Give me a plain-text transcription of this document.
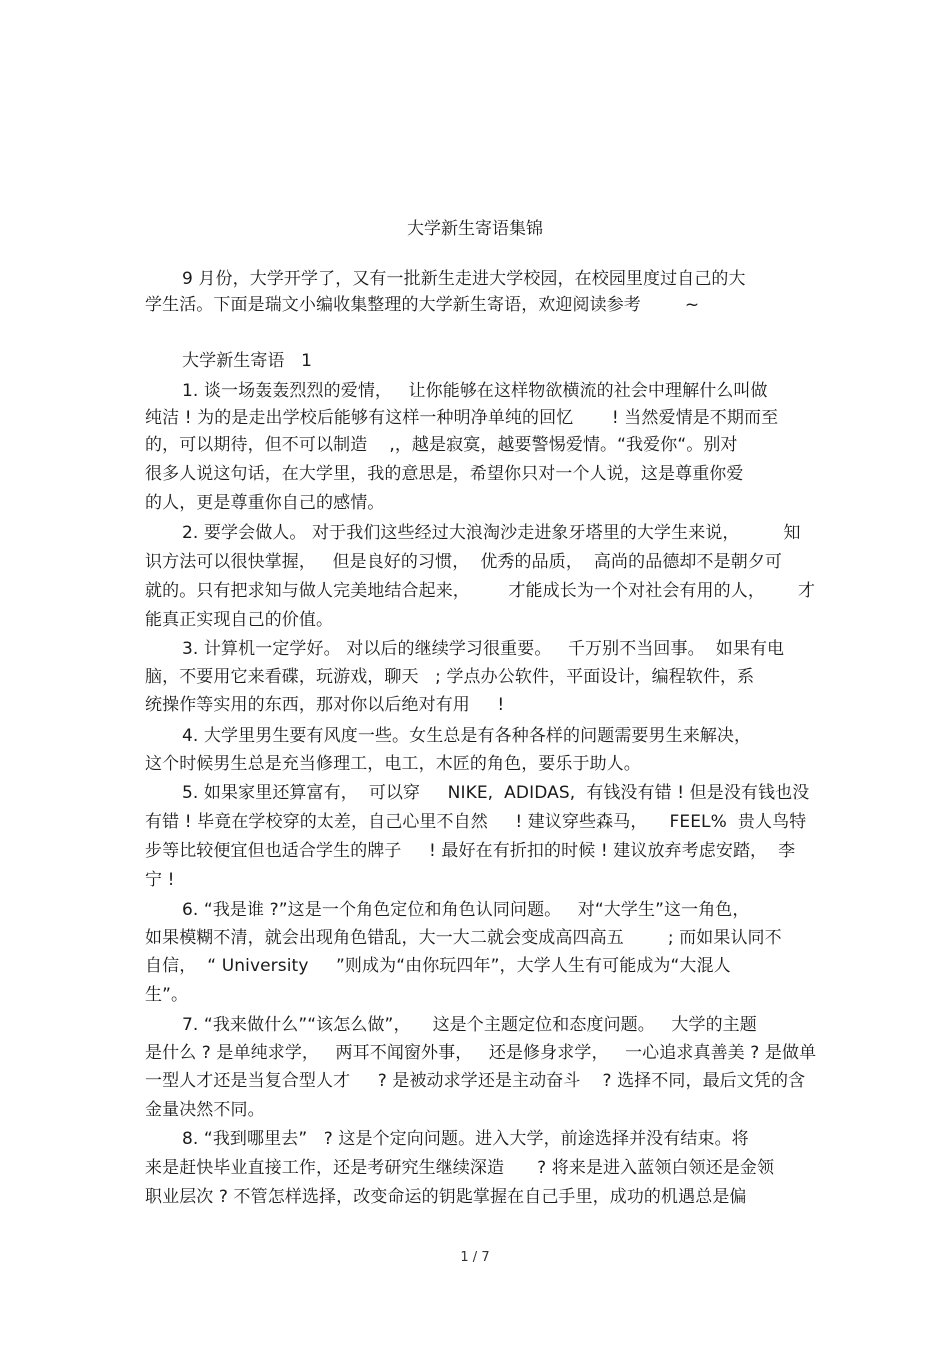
大学新生寄语集锦
9 月份，大学开学了，又有一批新生走进大学校园，在校园里度过自己的大
学生活。下面是瑞文小编收集整理的大学新生寄语，欢迎阅读参考        ~
大学新生寄语   1
1. 谈一场轰轰烈烈的爱情，   让你能够在这样物欲横流的社会中理解什么叫做
纯洁 ! 为的是走出学校后能够有这样一种明净单纯的回忆       ! 当然爱情是不期而至
的，可以期待，但不可以制造    ,，越是寂寞，越要警惕爱情。“我爱你“。别对
很多人说这句话，在大学里，我的意思是，希望你只对一个人说，这是尊重你爱
的人，更是尊重你自己的感情。
2. 要学会做人。 对于我们这些经过大浪淘沙走进象牙塔里的大学生来说，        知
识方法可以很快掌握，   但是良好的习惯，  优秀的品质，  高尚的品德却不是朝夕可
就的。只有把求知与做人完美地结合起来，       才能成长为一个对社会有用的人，      才
能真正实现自己的价值。
3. 计算机一定学好。 对以后的继续学习很重要。   千万别不当回事。  如果有电
脑，不要用它来看碟，玩游戏，聊天   ; 学点办公软件，平面设计，编程软件，系
统操作等实用的东西，那对你以后绝对有用     !
4. 大学里男生要有风度一些。女生总是有各种各样的问题需要男生来解决，
这个时候男生总是充当修理工，电工，木匠的角色，要乐于助人。
5. 如果家里还算富有，  可以穿     NIKE,  ADIDAS,  有钱没有错 ! 但是没有钱也没
有错 ! 毕竟在学校穿的太差，自己心里不自然     ! 建议穿些森马，    FEEL%  贵人鸟特
步等比较便宜但也适合学生的牌子     ! 最好在有折扣的时候 ! 建议放弃考虑安踏，  李
宁 !
6. “我是谁 ?”这是一个角色定位和角色认同问题。   对“大学生”这一角色，
如果模糊不清，就会出现角色错乱，大一大二就会变成高四高五        ; 而如果认同不
自信，  “ University     ”则成为“由你玩四年”，大学人生有可能成为“大混人
生”。
7. “我来做什么”“该怎么做”，    这是个主题定位和态度问题。   大学的主题
是什么 ? 是单纯求学，   两耳不闻窗外事，   还是修身求学，   一心追求真善美 ? 是做单
一型人才还是当复合型人才     ? 是被动求学还是主动奋斗    ? 选择不同，最后文凭的含
金量决然不同。
8. “我到哪里去”   ? 这是个定向问题。进入大学，前途选择并没有结束。将
来是赶快毕业直接工作，还是考研究生继续深造      ? 将来是进入蓝领白领还是金领
职业层次 ? 不管怎样选择，改变命运的钥匙掌握在自己手里，成功的机遇总是偏
1 / 7
